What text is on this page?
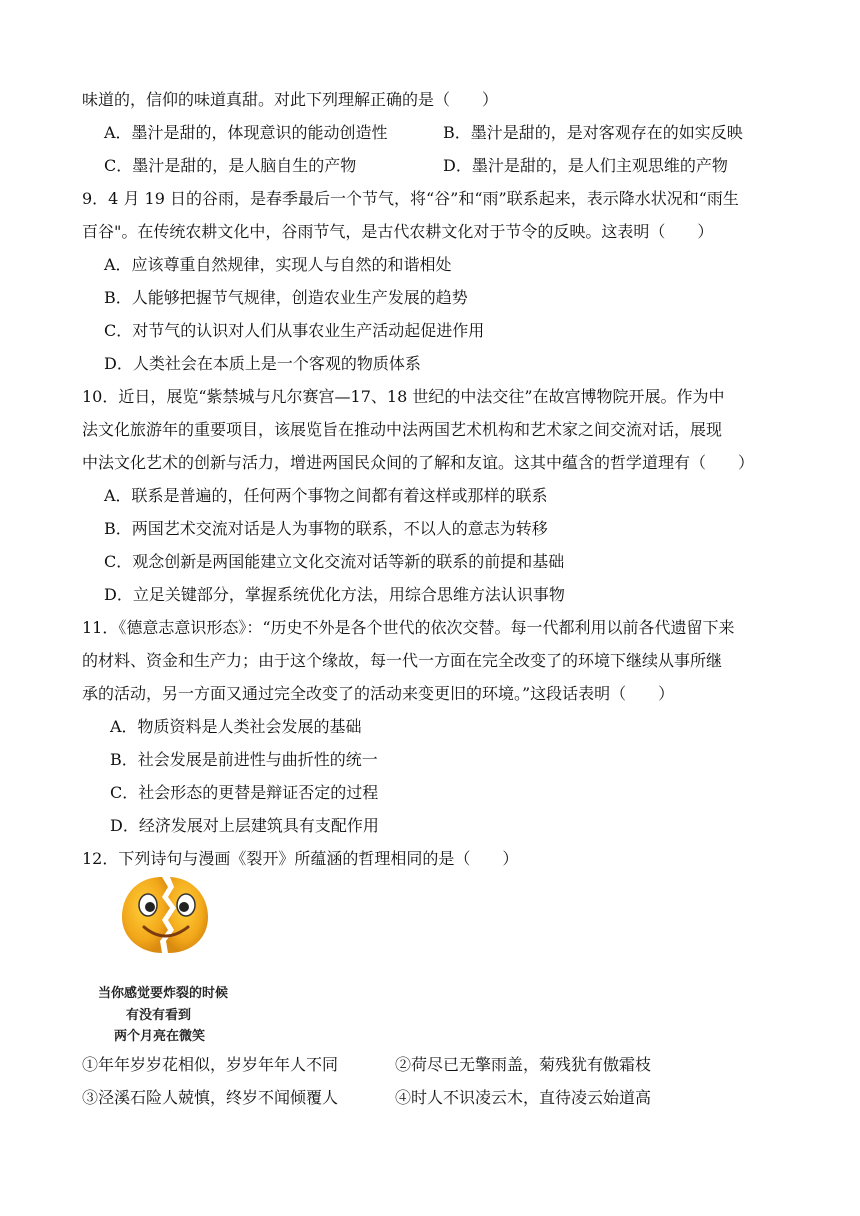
味道的，信仰的味道真甜。对此下列理解正确的是（　　）
A．墨汁是甜的，体现意识的能动创造性	B．墨汁是甜的，是对客观存在的如实反映
C．墨汁是甜的，是人脑自生的产物	D．墨汁是甜的，是人们主观思维的产物
9．4 月 19 日的谷雨，是春季最后一个节气，将“谷”和“雨”联系起来，表示降水状况和“雨生
百谷"。在传统农耕文化中，谷雨节气，是古代农耕文化对于节令的反映。这表明（　　）
A．应该尊重自然规律，实现人与自然的和谐相处
B．人能够把握节气规律，创造农业生产发展的趋势
C．对节气的认识对人们从事农业生产活动起促进作用
D．人类社会在本质上是一个客观的物质体系
10．近日，展览“紫禁城与凡尔赛宫—17、18 世纪的中法交往”在故宫博物院开展。作为中
法文化旅游年的重要项目，该展览旨在推动中法两国艺术机构和艺术家之间交流对话，展现
中法文化艺术的创新与活力，增进两国民众间的了解和友谊。这其中蕴含的哲学道理有（　　）
A．联系是普遍的，任何两个事物之间都有着这样或那样的联系
B．两国艺术交流对话是人为事物的联系，不以人的意志为转移
C．观念创新是两国能建立文化交流对话等新的联系的前提和基础
D．立足关键部分，掌握系统优化方法，用综合思维方法认识事物
11．《德意志意识形态》：“历史不外是各个世代的依次交替。每一代都利用以前各代遗留下来
的材料、资金和生产力；由于这个缘故，每一代一方面在完全改变了的环境下继续从事所继
承的活动，另一方面又通过完全改变了的活动来变更旧的环境。”这段话表明（　　）
A．物质资料是人类社会发展的基础
B．社会发展是前进性与曲折性的统一
C．社会形态的更替是辩证否定的过程
D．经济发展对上层建筑具有支配作用
12．下列诗句与漫画《裂开》所蕴涵的哲理相同的是（　　）
当你感觉要炸裂的时候
有没有看到
两个月亮在微笑
①年年岁岁花相似，岁岁年年人不同	②荷尽已无擎雨盖，菊残犹有傲霜枝
③泾溪石险人兢慎，终岁不闻倾覆人	④时人不识凌云木，直待凌云始道高
